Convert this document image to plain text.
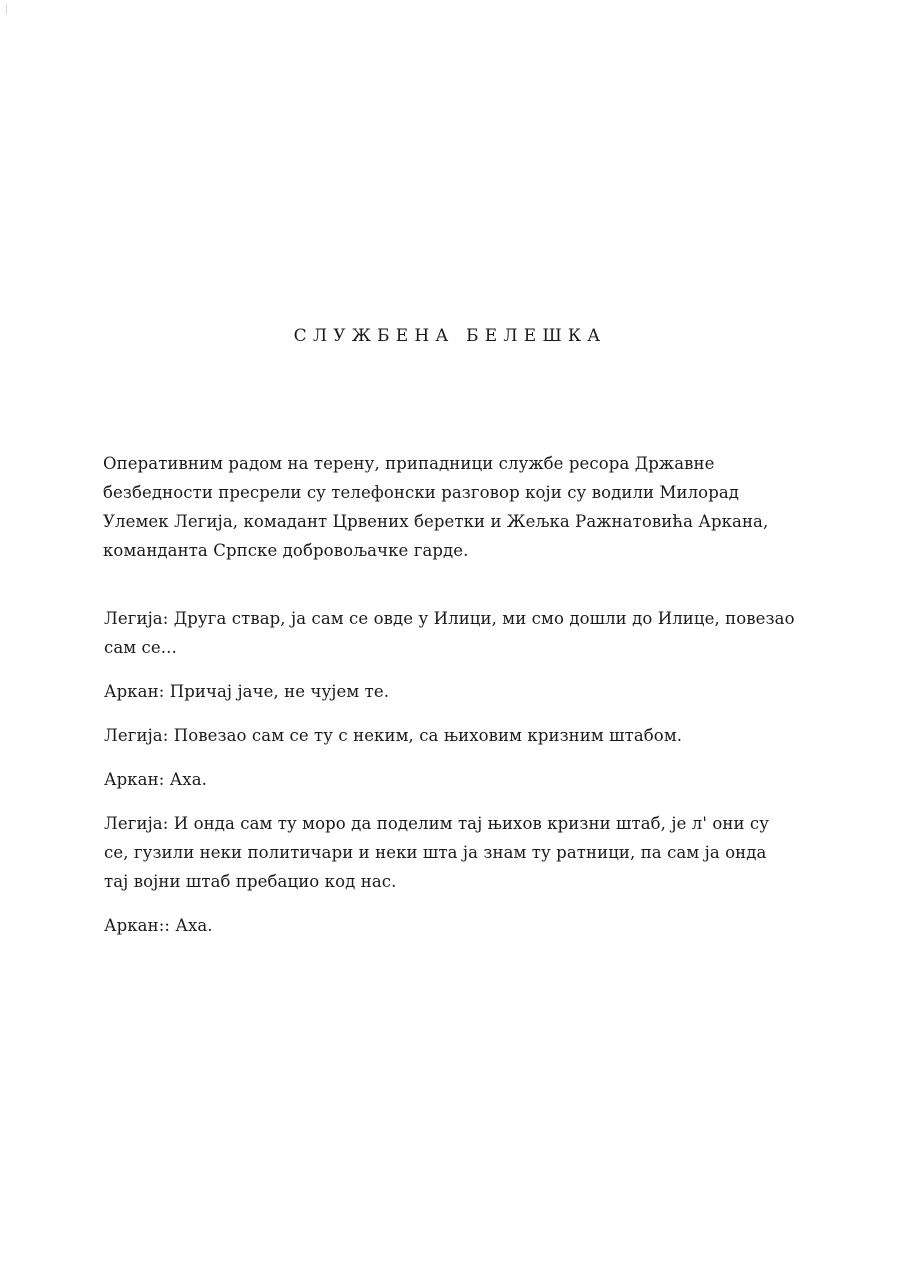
СЛУЖБЕНА БЕЛЕШКА

Оперативним радом на терену, припадници службе ресора Државне
безбедности пресрели су телефонски разговор који су водили Милорад
Улемек Легија, комадант Црвених беретки и Жељка Ражнатовића Аркана,
команданта Српске добровољачке гарде.

Легија: Друга ствар, ја сам се овде у Илици, ми смо дошли до Илице, повезао
сам се...
Аркан: Причај јаче, не чујем те.
Легија: Повезао сам се ту с неким, са њиховим кризним штабом.
Аркан: Аха.
Легија: И онда сам ту моро да поделим тај њихов кризни штаб, је л' они су
се, гузили неки политичари и неки шта ја знам ту ратници, па сам ја онда
тај војни штаб пребацио код нас.
Аркан:: Аха.
